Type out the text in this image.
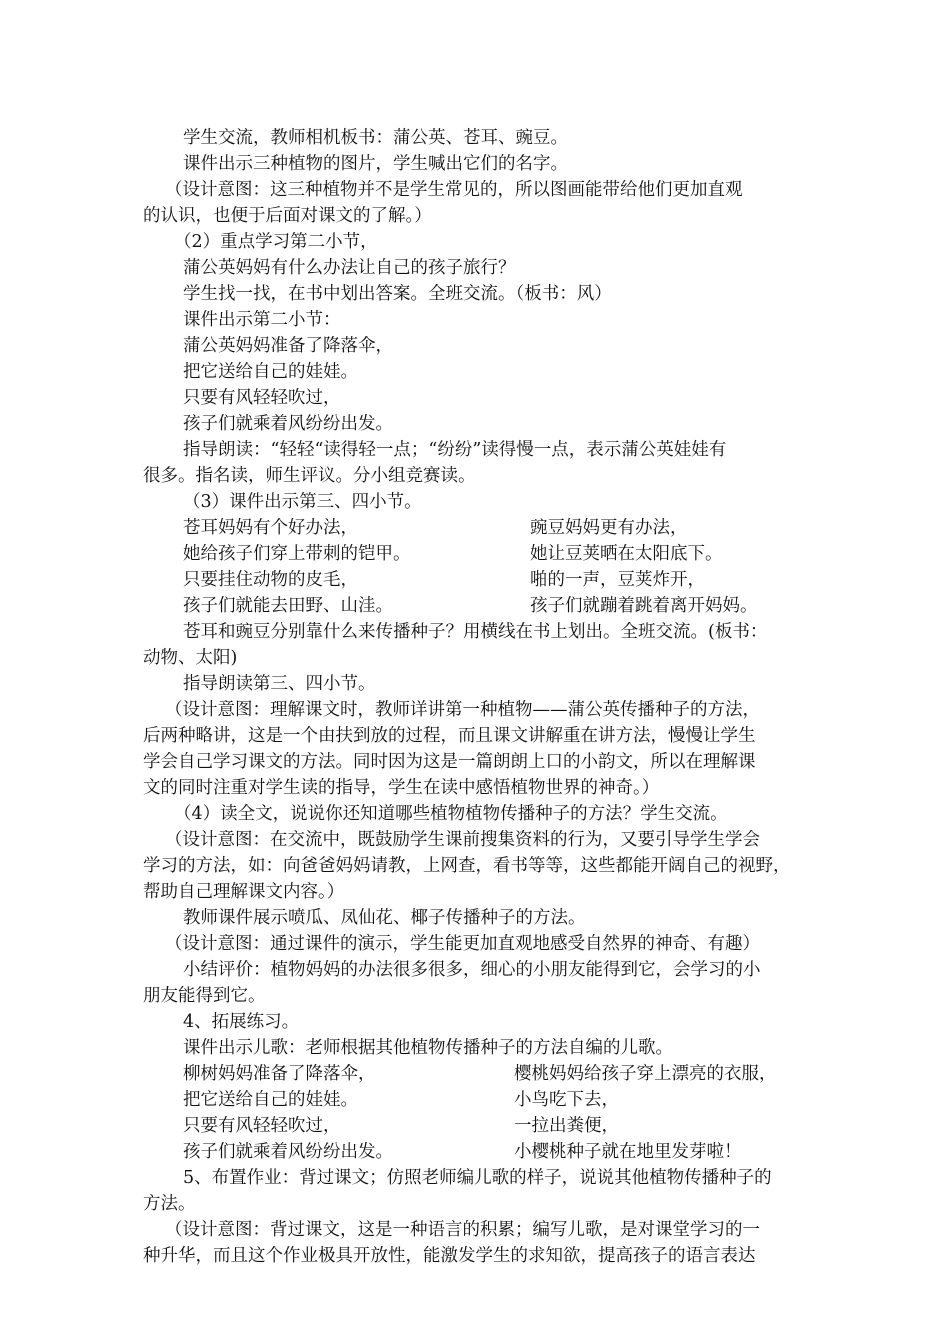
学生交流，教师相机板书：蒲公英、苍耳、豌豆。
课件出示三种植物的图片，学生喊出它们的名字。
（设计意图：这三种植物并不是学生常见的，所以图画能带给他们更加直观
的认识，也便于后面对课文的了解。）
（2）重点学习第二小节，
蒲公英妈妈有什么办法让自己的孩子旅行？
学生找一找，在书中划出答案。全班交流。（板书：风）
课件出示第二小节：
蒲公英妈妈准备了降落伞，
把它送给自己的娃娃。
只要有风轻轻吹过，
孩子们就乘着风纷纷出发。
指导朗读：“轻轻“读得轻一点；“纷纷”读得慢一点，表示蒲公英娃娃有
很多。指名读，师生评议。分小组竞赛读。
（3）课件出示第三、四小节。
苍耳妈妈有个好办法，	豌豆妈妈更有办法，
她给孩子们穿上带刺的铠甲。	她让豆荚晒在太阳底下。
只要挂住动物的皮毛，	啪的一声，豆荚炸开，
孩子们就能去田野、山洼。	孩子们就蹦着跳着离开妈妈。
苍耳和豌豆分别靠什么来传播种子？用横线在书上划出。全班交流。(板书：
动物、太阳)
指导朗读第三、四小节。
（设计意图：理解课文时，教师详讲第一种植物——蒲公英传播种子的方法，
后两种略讲，这是一个由扶到放的过程，而且课文讲解重在讲方法，慢慢让学生
学会自己学习课文的方法。同时因为这是一篇朗朗上口的小韵文，所以在理解课
文的同时注重对学生读的指导，学生在读中感悟植物世界的神奇。）
（4）读全文，说说你还知道哪些植物植物传播种子的方法？学生交流。
（设计意图：在交流中，既鼓励学生课前搜集资料的行为，又要引导学生学会
学习的方法，如：向爸爸妈妈请教，上网查，看书等等，这些都能开阔自己的视野，
帮助自己理解课文内容。）
教师课件展示喷瓜、凤仙花、椰子传播种子的方法。
（设计意图：通过课件的演示，学生能更加直观地感受自然界的神奇、有趣）
小结评价：植物妈妈的办法很多很多，细心的小朋友能得到它，会学习的小
朋友能得到它。
4、拓展练习。
课件出示儿歌：老师根据其他植物传播种子的方法自编的儿歌。
柳树妈妈准备了降落伞，	樱桃妈妈给孩子穿上漂亮的衣服，
把它送给自己的娃娃。	小鸟吃下去，
只要有风轻轻吹过，	一拉出粪便，
孩子们就乘着风纷纷出发。	小樱桃种子就在地里发芽啦！
5、布置作业：背过课文；仿照老师编儿歌的样子，说说其他植物传播种子的
方法。
（设计意图：背过课文，这是一种语言的积累；编写儿歌，是对课堂学习的一
种升华，而且这个作业极具开放性，能激发学生的求知欲，提高孩子的语言表达
